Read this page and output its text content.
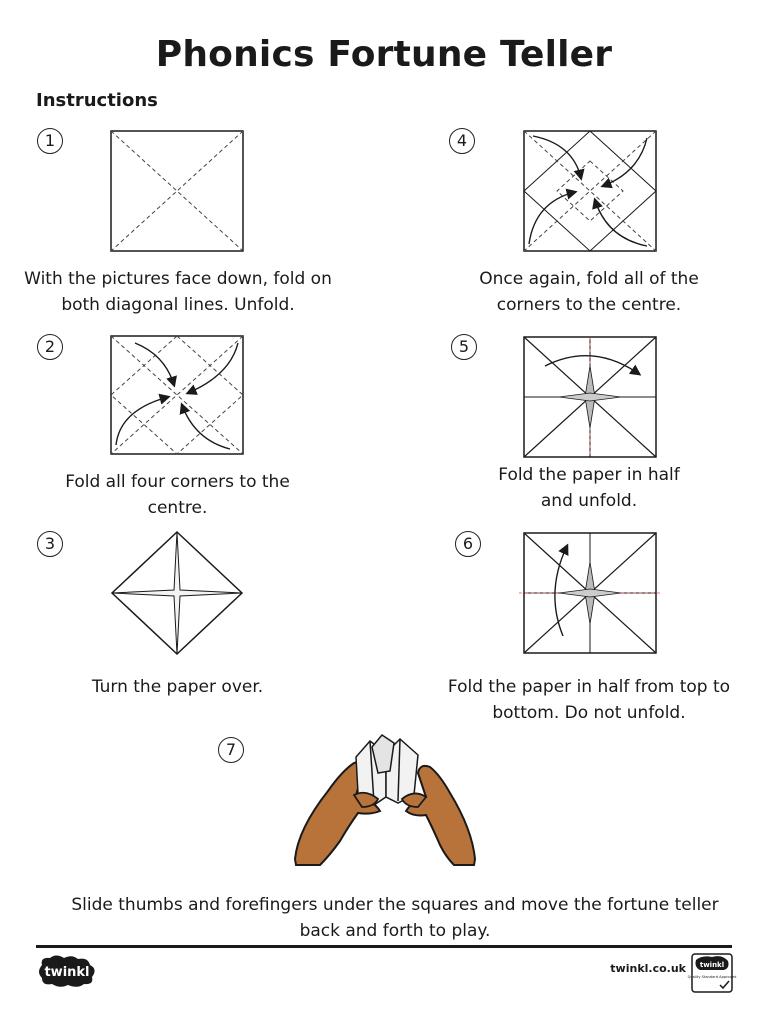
Phonics Fortune Teller
Instructions
1
2
3
4
5
6
7
With the pictures face down, fold on both diagonal lines. Unfold.
Fold all four corners to the centre.
Turn the paper over.
Once again, fold all of the corners to the centre.
Fold the paper in half and unfold.
Fold the paper in half from top to bottom. Do not unfold.
Slide thumbs and forefingers under the squares and move the fortune teller back and forth to play.
twinkl	twinkl.co.uk twinkl
Quality Standard Approved
